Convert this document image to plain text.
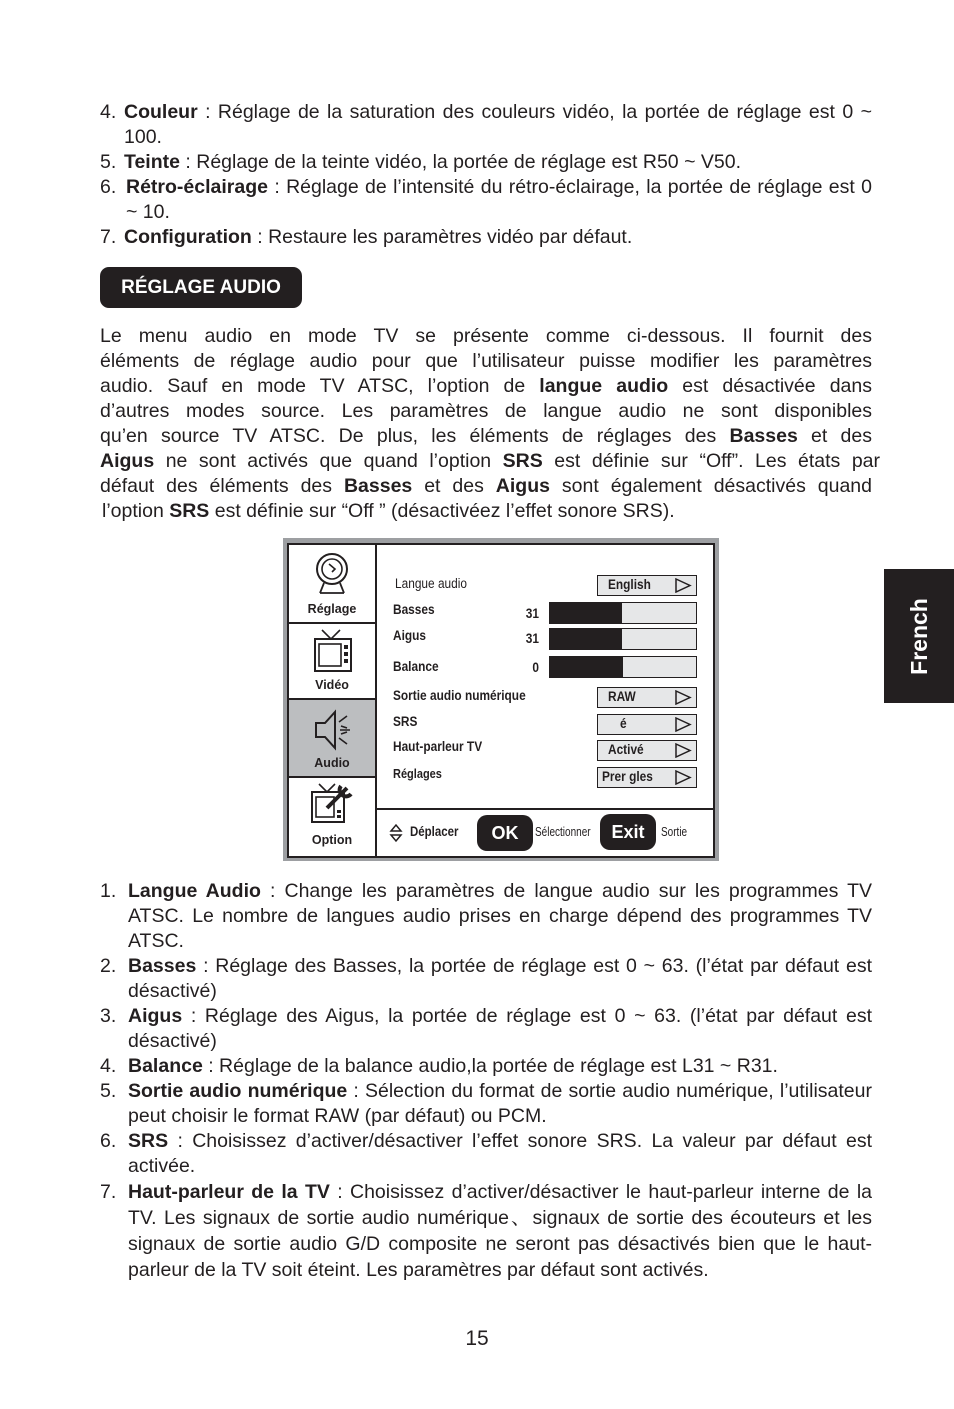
4. Couleur : Réglage de la saturation des couleurs vidéo, la portée de réglage est 0 ~ 100.
5. Teinte : Réglage de la teinte vidéo, la portée de réglage est R50 ~ V50.
6. Rétro-éclairage : Réglage de l’intensité du rétro-éclairage, la portée de réglage est 0 ~ 10.
7. Configuration : Restaure les paramètres vidéo par défaut.
RÉGLAGE AUDIO
Le menu audio en mode TV se présente comme ci-dessous. Il fournit des
éléments de réglage audio pour que l’utilisateur puisse modifier les paramètres
audio. Sauf en mode TV ATSC, l’option de langue audio est désactivée dans
d’autres modes source. Les paramètres de langue audio ne sont disponibles
qu’en source TV ATSC. De plus, les éléments de réglages des Basses et des
Aigus ne sont activés que quand l’option SRS est définie sur “Off”. Les états par
défaut des éléments des Basses et des Aigus sont également désactivés quand
l’option SRS est définie sur “Off ” (désactivéez l’effet sonore SRS).
Réglage
Vidéo
Audio
Option
Langue audio	English
Basses	31
Aigus	31
Balance	0
Sortie audio numérique	RAW
SRS	é
Haut-parleur TV	Activé
Réglages	Prer gles
Déplacer	OK	Sélectionner	Exit	Sortie
1. Langue Audio : Change les paramètres de langue audio sur les programmes TV ATSC. Le nombre de langues audio prises en charge dépend des programmes TV ATSC.
2. Basses : Réglage des Basses, la portée de réglage est 0 ~ 63. (l’état par défaut est désactivé)
3. Aigus : Réglage des Aigus, la portée de réglage est 0 ~ 63. (l’état par défaut est désactivé)
4. Balance : Réglage de la balance audio,la portée de réglage est L31 ~ R31.
5. Sortie audio numérique : Sélection du format de sortie audio numérique, l’utilisateur peut choisir le format RAW (par défaut) ou PCM.
6. SRS : Choisissez d’activer/désactiver l’effet sonore SRS. La valeur par défaut est activée.
7. Haut-parleur de la TV : Choisissez d’activer/désactiver le haut-parleur interne de la TV. Les signaux de sortie audio numérique、signaux de sortie des écouteurs et les signaux de sortie audio G/D composite ne seront pas désactivés bien que le haut-parleur de la TV soit éteint. Les paramètres par défaut sont activés.
French
15
